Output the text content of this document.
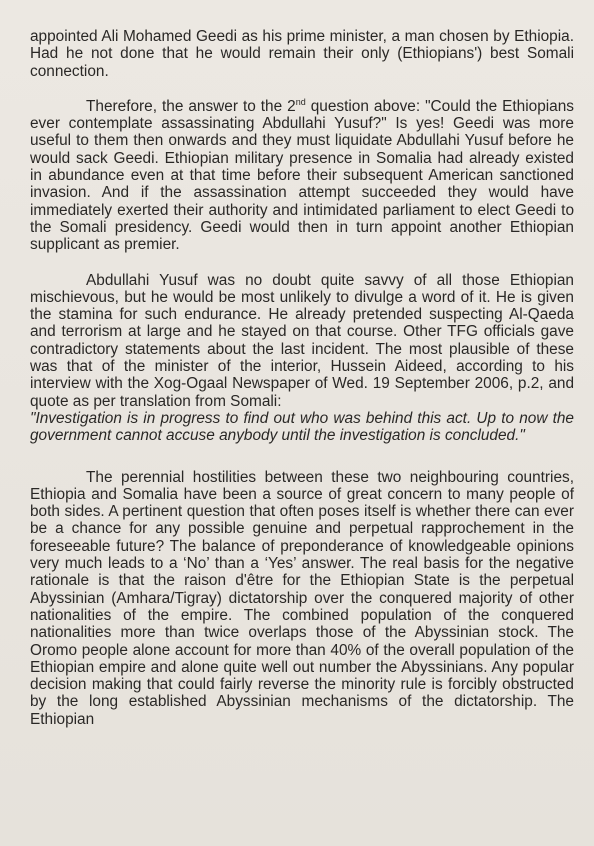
appointed Ali Mohamed Geedi as his prime minister, a man chosen by Ethiopia. Had he not done that he would remain their only (Ethiopians') best Somali connection.

Therefore, the answer to the 2nd question above: "Could the Ethiopians ever contemplate assassinating Abdullahi Yusuf?" Is yes! Geedi was more useful to them then onwards and they must liquidate Abdullahi Yusuf before he would sack Geedi. Ethiopian military presence in Somalia had already existed in abundance even at that time before their subsequent American sanctioned invasion. And if the assassination attempt succeeded they would have immediately exerted their authority and intimidated parliament to elect Geedi to the Somali presidency. Geedi would then in turn appoint another Ethiopian supplicant as premier.

Abdullahi Yusuf was no doubt quite savvy of all those Ethiopian mischievous, but he would be most unlikely to divulge a word of it. He is given the stamina for such endurance. He already pretended suspecting Al-Qaeda and terrorism at large and he stayed on that course. Other TFG officials gave contradictory statements about the last incident. The most plausible of these was that of the minister of the interior, Hussein Aideed, according to his interview with the Xog-Ogaal Newspaper of Wed. 19 September 2006, p.2, and quote as per translation from Somali:

"Investigation is in progress to find out who was behind this act. Up to now the government cannot accuse anybody until the investigation is concluded."

The perennial hostilities between these two neighbouring countries, Ethiopia and Somalia have been a source of great concern to many people of both sides. A pertinent question that often poses itself is whether there can ever be a chance for any possible genuine and perpetual rapprochement in the foreseeable future? The balance of preponderance of knowledgeable opinions very much leads to a ‘No’ than a ‘Yes’ answer. The real basis for the negative rationale is that the raison d'être for the Ethiopian State is the perpetual Abyssinian (Amhara/Tigray) dictatorship over the conquered majority of other nationalities of the empire. The combined population of the conquered nationalities more than twice overlaps those of the Abyssinian stock. The Oromo people alone account for more than 40% of the overall population of the Ethiopian empire and alone quite well out number the Abyssinians. Any popular decision making that could fairly reverse the minority rule is forcibly obstructed by the long established Abyssinian mechanisms of the dictatorship. The Ethiopian
